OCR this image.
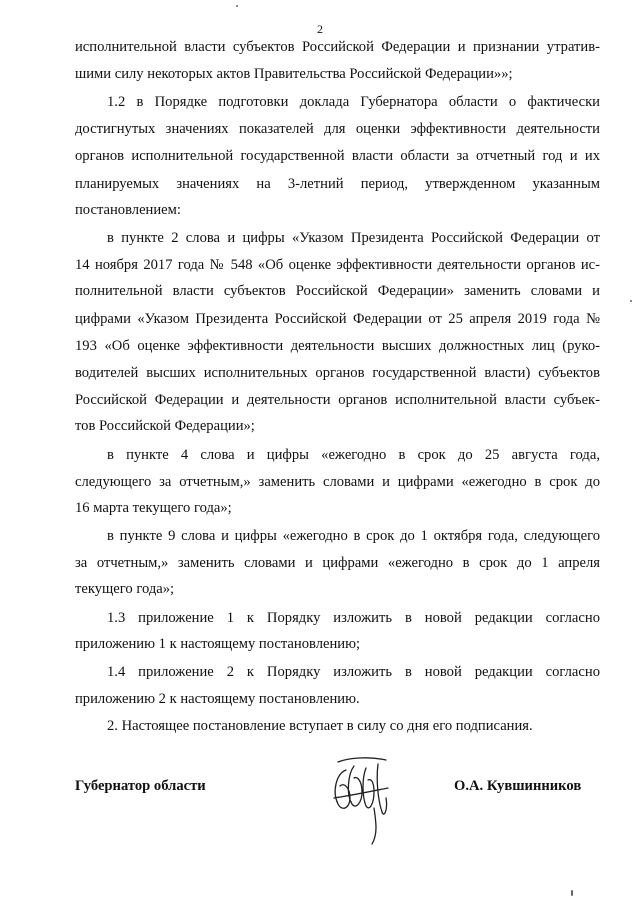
2
исполнительной власти субъектов Российской Федерации и признании утратив-
шими силу некоторых актов Правительства Российской Федерации»»;
1.2 в Порядке подготовки доклада Губернатора области о фактически
достигнутых значениях показателей для оценки эффективности деятельности
органов исполнительной государственной власти области за отчетный год и их
планируемых значениях на 3-летний период, утвержденном указанным
постановлением:
в пункте 2 слова и цифры «Указом Президента Российской Федерации от
14 ноября 2017 года № 548 «Об оценке эффективности деятельности органов ис-
полнительной власти субъектов Российской Федерации» заменить словами и
цифрами «Указом Президента Российской Федерации от 25 апреля 2019 года №
193 «Об оценке эффективности деятельности высших должностных лиц (руко-
водителей высших исполнительных органов государственной власти) субъектов
Российской Федерации и деятельности органов исполнительной власти субъек-
тов Российской Федерации»;
в пункте 4 слова и цифры «ежегодно в срок до 25 августа года,
следующего за отчетным,» заменить словами и цифрами «ежегодно в срок до
16 марта текущего года»;
в пункте 9 слова и цифры «ежегодно в срок до 1 октября года, следующего
за отчетным,» заменить словами и цифрами «ежегодно в срок до 1 апреля
текущего года»;
1.3 приложение 1 к Порядку изложить в новой редакции согласно
приложению 1 к настоящему постановлению;
1.4 приложение 2 к Порядку изложить в новой редакции согласно
приложению 2 к настоящему постановлению.
2. Настоящее постановление вступает в силу со дня его подписания.
Губернатор области	О.А. Кувшинников
